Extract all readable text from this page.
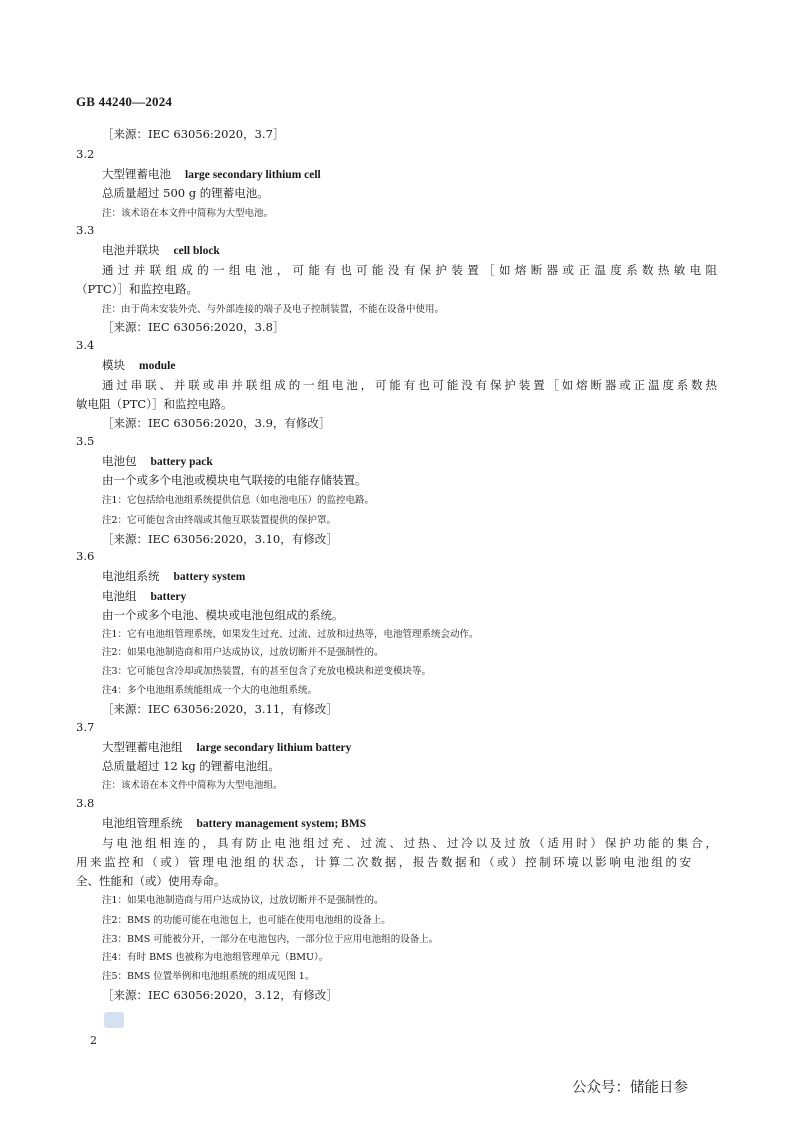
GB 44240—2024
［来源：IEC 63056:2020，3.7］
3.2
大型锂蓄电池 large secondary lithium cell
总质量超过 500 g 的锂蓄电池。
注：该术语在本文件中简称为大型电池。
3.3
电池并联块 cell block
通过并联组成的一组电池，可能有也可能没有保护装置［如熔断器或正温度系数热敏电阻
（PTC）］和监控电路。
注：由于尚未安装外壳、与外部连接的端子及电子控制装置，不能在设备中使用。
［来源：IEC 63056:2020，3.8］
3.4
模块 module
通过串联、并联或串并联组成的一组电池，可能有也可能没有保护装置［如熔断器或正温度系数热
敏电阻（PTC）］和监控电路。
［来源：IEC 63056:2020，3.9，有修改］
3.5
电池包 battery pack
由一个或多个电池或模块电气联接的电能存储装置。
注1：它包括给电池组系统提供信息（如电池电压）的监控电路。
注2：它可能包含由终端或其他互联装置提供的保护罩。
［来源：IEC 63056:2020，3.10，有修改］
3.6
电池组系统 battery system
电池组 battery
由一个或多个电池、模块或电池包组成的系统。
注1：它有电池组管理系统，如果发生过充、过流、过放和过热等，电池管理系统会动作。
注2：如果电池制造商和用户达成协议，过放切断并不是强制性的。
注3：它可能包含冷却或加热装置，有的甚至包含了充放电模块和逆变模块等。
注4：多个电池组系统能组成一个大的电池组系统。
［来源：IEC 63056:2020，3.11，有修改］
3.7
大型锂蓄电池组 large secondary lithium battery
总质量超过 12 kg 的锂蓄电池组。
注：该术语在本文件中简称为大型电池组。
3.8
电池组管理系统 battery management system; BMS
与电池组相连的，具有防止电池组过充、过流、过热、过冷以及过放（适用时）保护功能的集合，
用来监控和（或）管理电池组的状态，计算二次数据，报告数据和（或）控制环境以影响电池组的安
全、性能和（或）使用寿命。
注1：如果电池制造商与用户达成协议，过放切断并不是强制性的。
注2：BMS 的功能可能在电池包上，也可能在使用电池组的设备上。
注3：BMS 可能被分开，一部分在电池包内，一部分位于应用电池组的设备上。
注4：有时 BMS 也被称为电池组管理单元（BMU）。
注5：BMS 位置举例和电池组系统的组成见图 1。
［来源：IEC 63056:2020，3.12，有修改］
2
公众号：储能日参
